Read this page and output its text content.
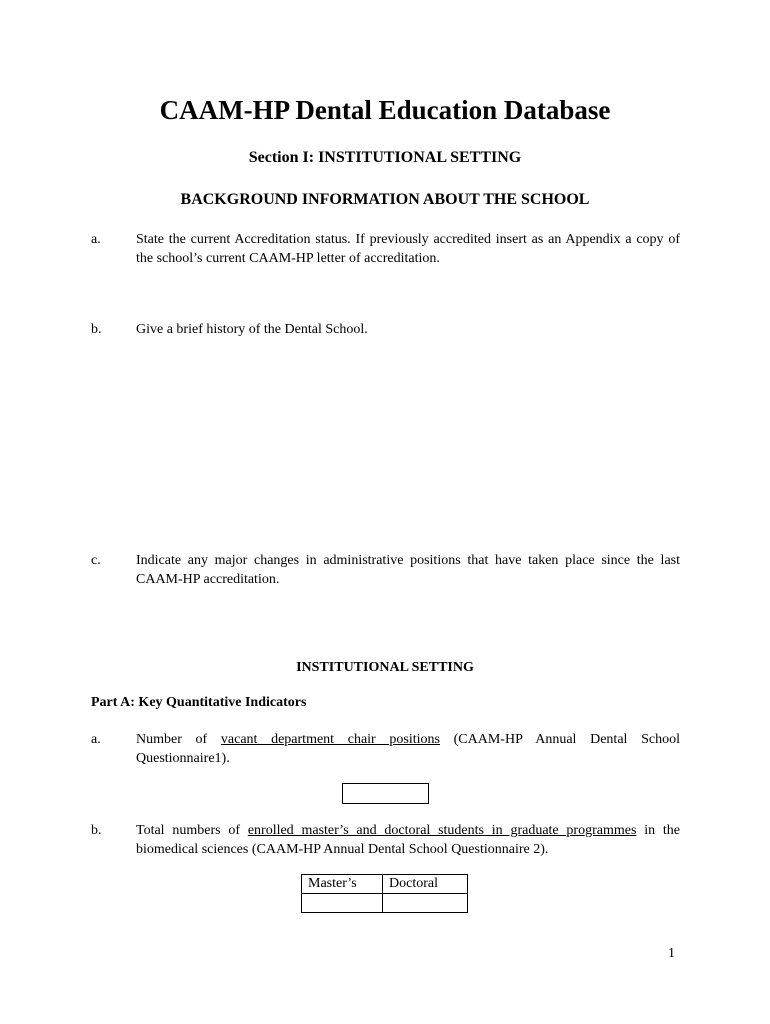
CAAM-HP Dental Education Database
Section I: INSTITUTIONAL SETTING
BACKGROUND INFORMATION ABOUT THE SCHOOL
a.	State the current Accreditation status. If previously accredited insert as an Appendix a copy of the school’s current CAAM-HP letter of accreditation.
b. Give a brief history of the Dental School.
c.	Indicate any major changes in administrative positions that have taken place since the last CAAM-HP accreditation.
INSTITUTIONAL SETTING
Part A: Key Quantitative Indicators
a.	Number of vacant department chair positions (CAAM-HP Annual Dental School Questionnaire1).
b. Total numbers of enrolled master’s and doctoral students in graduate programmes in the biomedical sciences (CAAM-HP Annual Dental School Questionnaire 2).
Master’s	Doctoral

1
